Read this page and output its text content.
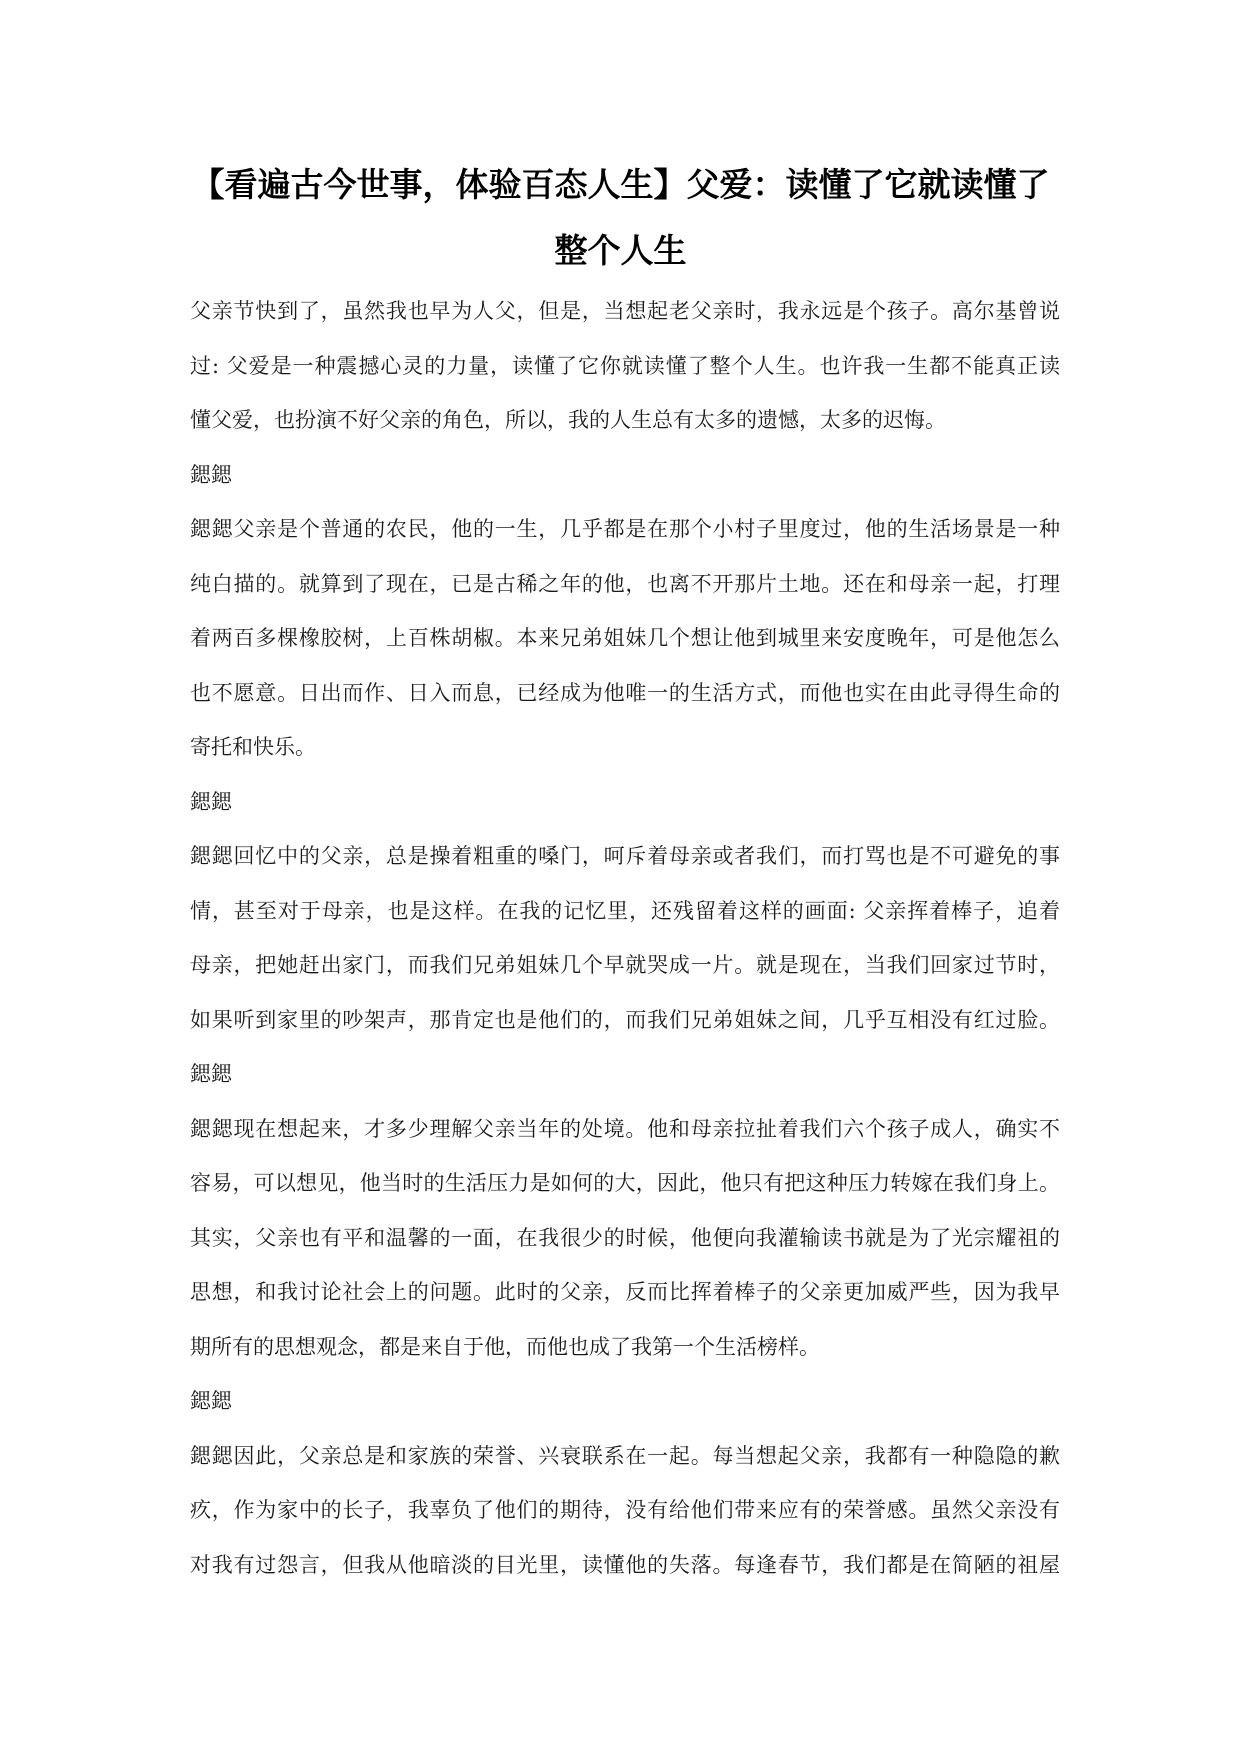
【看遍古今世事，体验百态人生】父爱：读懂了它就读懂了
整个人生
父亲节快到了，虽然我也早为人父，但是，当想起老父亲时，我永远是个孩子。高尔基曾说
过: 父爱是一种震撼心灵的力量，读懂了它你就读懂了整个人生。也许我一生都不能真正读
懂父爱，也扮演不好父亲的角色，所以，我的人生总有太多的遗憾，太多的迟悔。
鍶鍶
鍶鍶父亲是个普通的农民，他的一生，几乎都是在那个小村子里度过，他的生活场景是一种
纯白描的。就算到了现在，已是古稀之年的他，也离不开那片土地。还在和母亲一起，打理
着两百多棵橡胶树，上百株胡椒。本来兄弟姐妹几个想让他到城里来安度晚年，可是他怎么
也不愿意。日出而作、日入而息，已经成为他唯一的生活方式，而他也实在由此寻得生命的
寄托和快乐。
鍶鍶
鍶鍶回忆中的父亲，总是操着粗重的嗓门，呵斥着母亲或者我们，而打骂也是不可避免的事
情，甚至对于母亲，也是这样。在我的记忆里，还残留着这样的画面: 父亲挥着棒子，追着
母亲，把她赶出家门，而我们兄弟姐妹几个早就哭成一片。就是现在，当我们回家过节时，
如果听到家里的吵架声，那肯定也是他们的，而我们兄弟姐妹之间，几乎互相没有红过脸。
鍶鍶
鍶鍶现在想起来，才多少理解父亲当年的处境。他和母亲拉扯着我们六个孩子成人，确实不
容易，可以想见，他当时的生活压力是如何的大，因此，他只有把这种压力转嫁在我们身上。
其实，父亲也有平和温馨的一面，在我很少的时候，他便向我灌输读书就是为了光宗耀祖的
思想，和我讨论社会上的问题。此时的父亲，反而比挥着棒子的父亲更加威严些，因为我早
期所有的思想观念，都是来自于他，而他也成了我第一个生活榜样。
鍶鍶
鍶鍶因此，父亲总是和家族的荣誉、兴衰联系在一起。每当想起父亲，我都有一种隐隐的歉
疚，作为家中的长子，我辜负了他们的期待，没有给他们带来应有的荣誉感。虽然父亲没有
对我有过怨言，但我从他暗淡的目光里，读懂他的失落。每逢春节，我们都是在简陋的祖屋
